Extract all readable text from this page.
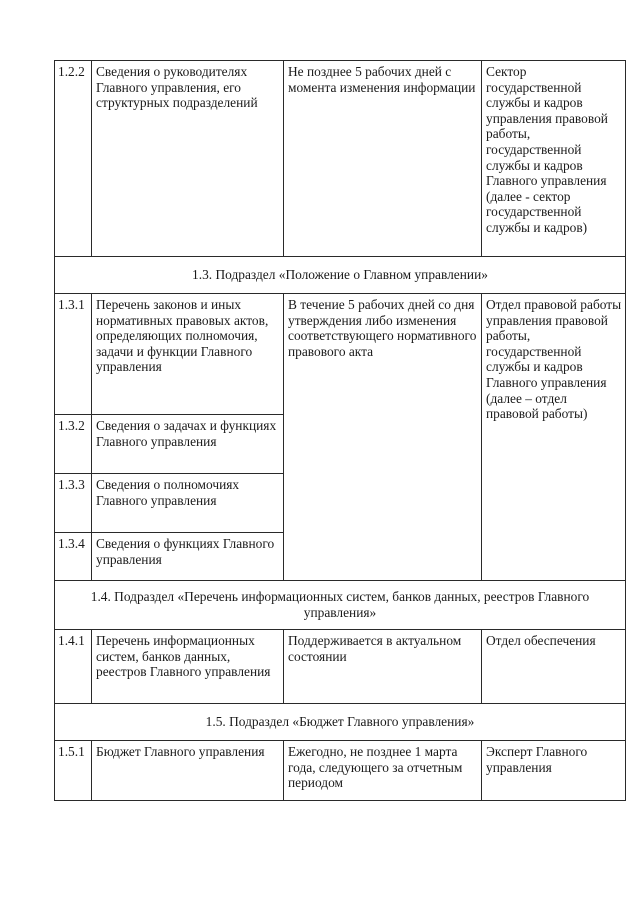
1.2.2	Сведения о руководителях Главного управления, его структурных подразделений	Не позднее 5 рабочих дней с момента изменения информации	Сектор государственной службы и кадров управления правовой работы, государственной службы и кадров Главного управления (далее - сектор государственной службы и кадров)
1.3. Подраздел «Положение о Главном управлении»			
1.3.1	Перечень законов и иных нормативных правовых актов, определяющих полномочия, задачи и функции Главного управления	В течение 5 рабочих дней со дня утверждения либо изменения соответствующего нормативного правового акта	Отдел правовой работы управления правовой работы, государственной службы и кадров Главного управления (далее – отдел правовой работы)
1.3.2	Сведения о задачах и функциях Главного управления		
1.3.3	Сведения о полномочиях Главного управления		
1.3.4	Сведения о функциях Главного управления		
1.4. Подраздел «Перечень информационных систем, банков данных, реестров Главного управления»			
1.4.1	Перечень информационных систем, банков данных, реестров Главного управления	Поддерживается в актуальном состоянии	Отдел обеспечения
1.5. Подраздел «Бюджет Главного управления»			
1.5.1	Бюджет Главного управления	Ежегодно, не позднее 1 марта года, следующего за отчетным периодом	Эксперт Главного управления
